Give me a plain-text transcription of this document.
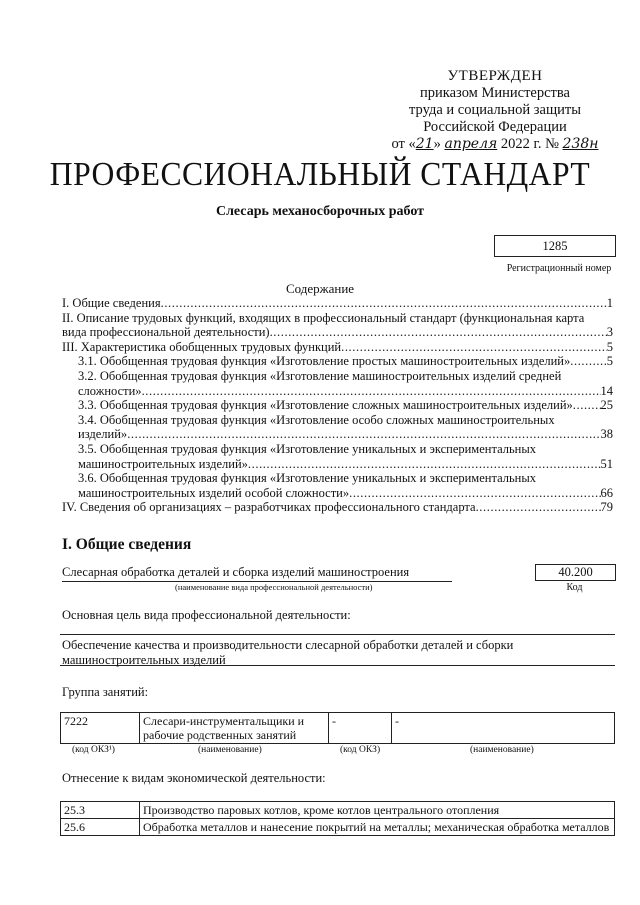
УТВЕРЖДЕН
приказом Министерства
труда и социальной защиты
Российской Федерации
от «21» апреля 2022 г. № 238н
ПРОФЕССИОНАЛЬНЫЙ СТАНДАРТ
Слесарь механосборочных работ
1285
Регистрационный номер
Содержание
I. Общие сведения .....	1
II. Описание трудовых функций, входящих в профессиональный стандарт (функциональная карта
вида профессиональной деятельности) .....	3
III. Характеристика обобщенных трудовых функций .....	5
3.1. Обобщенная трудовая функция «Изготовление простых машиностроительных изделий» .....	5
3.2. Обобщенная трудовая функция «Изготовление машиностроительных изделий средней
сложности» .....	14
3.3. Обобщенная трудовая функция «Изготовление сложных машиностроительных изделий» ..... 25
3.4. Обобщенная трудовая функция «Изготовление особо сложных машиностроительных
изделий» .....	38
3.5. Обобщенная трудовая функция «Изготовление уникальных и экспериментальных
машиностроительных изделий» .....	51
3.6. Обобщенная трудовая функция «Изготовление уникальных и экспериментальных
машиностроительных изделий особой сложности» .....	66
IV. Сведения об организациях – разработчиках профессионального стандарта .....	79
I. Общие сведения
Слесарная обработка деталей и сборка изделий машиностроения
(наименование вида профессиональной деятельности)
40.200
Код
Основная цель вида профессиональной деятельности:
Обеспечение качества и производительности слесарной обработки деталей и сборки машиностроительных изделий
Группа занятий:
7222	Слесари-инструментальщики и рабочие родственных занятий	-	-
(код ОКЗ¹)	(наименование)	(код ОКЗ)	(наименование)
Отнесение к видам экономической деятельности:
25.3	Производство паровых котлов, кроме котлов центрального отопления
25.6	Обработка металлов и нанесение покрытий на металлы; механическая обработка металлов
